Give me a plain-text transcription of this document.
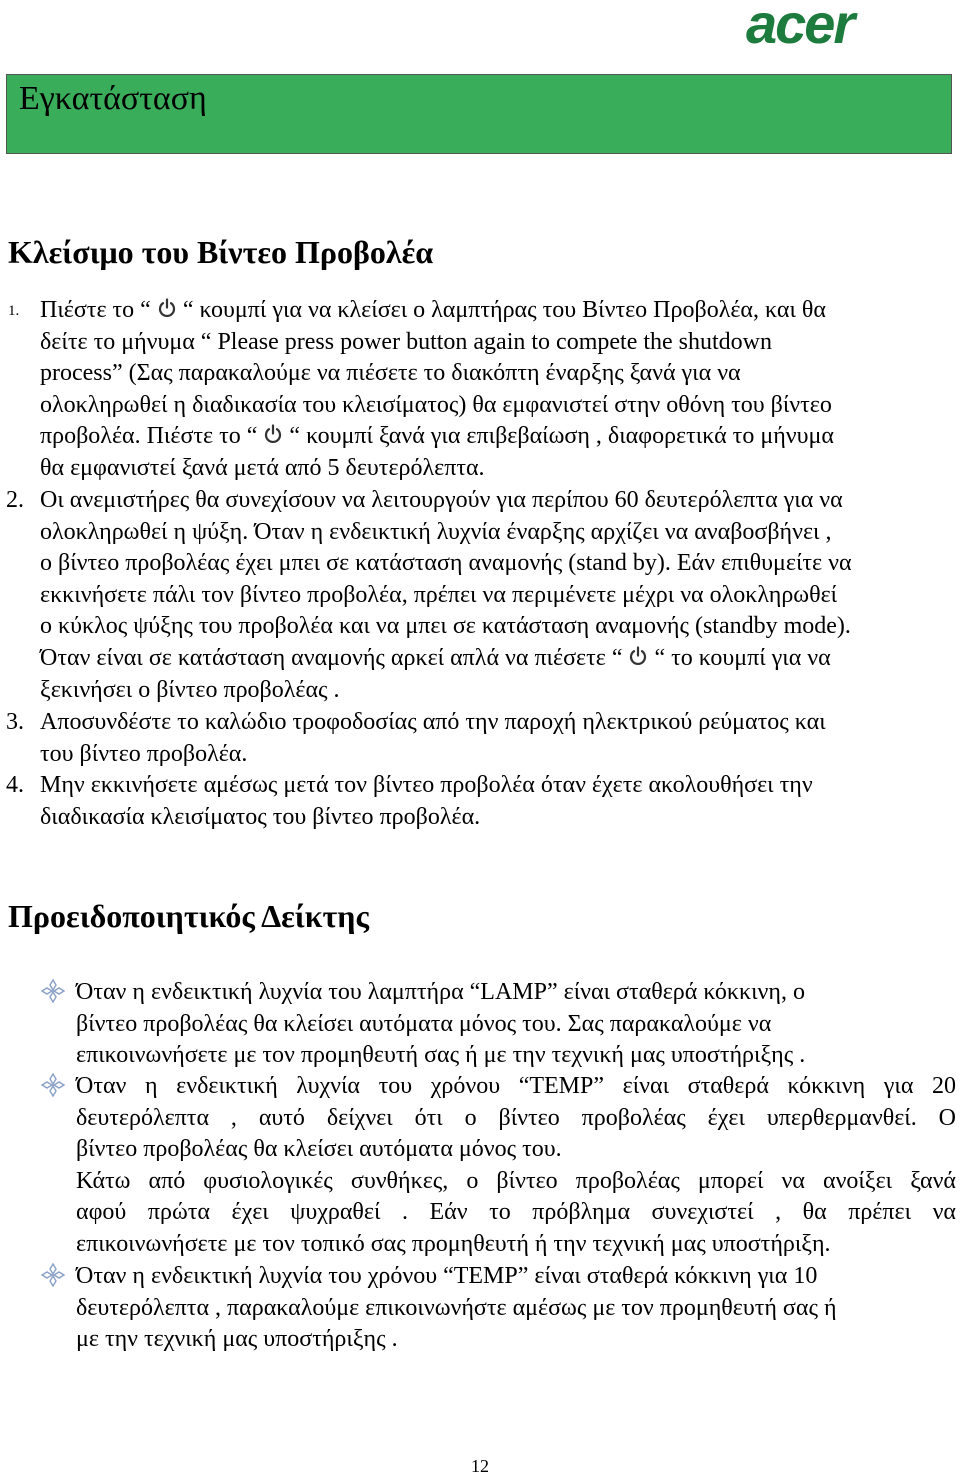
acer
Εγκατάσταση
Κλείσιμο του Βίντεο Προβολέα
1. Πιέστε το “ “ κουμπί για να κλείσει ο λαμπτήρας του Βίντεο Προβολέα, και θα
δείτε το μήνυμα “ Please press power button again to compete the shutdown
process” (Σας παρακαλούμε να πιέσετε το διακόπτη έναρξης ξανά για να
ολοκληρωθεί η διαδικασία του κλεισίματος) θα εμφανιστεί στην οθόνη του βίντεο
προβολέα. Πιέστε το “ “ κουμπί ξανά για επιβεβαίωση , διαφορετικά το μήνυμα
θα εμφανιστεί ξανά μετά από 5 δευτερόλεπτα.
2. Οι ανεμιστήρες θα συνεχίσουν να λειτουργούν για περίπου 60 δευτερόλεπτα για να
ολοκληρωθεί η ψύξη. Όταν η ενδεικτική λυχνία έναρξης αρχίζει να αναβοσβήνει ,
ο βίντεο προβολέας έχει μπει σε κατάσταση αναμονής (stand by). Εάν επιθυμείτε να
εκκινήσετε πάλι τον βίντεο προβολέα, πρέπει να περιμένετε μέχρι να ολοκληρωθεί
ο κύκλος ψύξης του προβολέα και να μπει σε κατάσταση αναμονής (standby mode).
Όταν είναι σε κατάσταση αναμονής αρκεί απλά να πιέσετε “ “ το κουμπί για να
ξεκινήσει ο βίντεο προβολέας .
3. Αποσυνδέστε το καλώδιο τροφοδοσίας από την παροχή ηλεκτρικού ρεύματος και
του βίντεο προβολέα.
4. Μην εκκινήσετε αμέσως μετά τον βίντεο προβολέα όταν έχετε ακολουθήσει την
διαδικασία κλεισίματος του βίντεο προβολέα.
Προειδοποιητικός Δείκτης
Όταν η ενδεικτική λυχνία του λαμπτήρα “LAMP” είναι σταθερά κόκκινη, ο
βίντεο προβολέας θα κλείσει αυτόματα μόνος του. Σας παρακαλούμε να
επικοινωνήσετε με τον προμηθευτή σας ή με την τεχνική μας υποστήριξης .
Όταν η ενδεικτική λυχνία του χρόνου “TEMP” είναι σταθερά κόκκινη για 20
δευτερόλεπτα , αυτό δείχνει ότι ο βίντεο προβολέας έχει υπερθερμανθεί. Ο
βίντεο προβολέας θα κλείσει αυτόματα μόνος του.
Κάτω από φυσιολογικές συνθήκες, ο βίντεο προβολέας μπορεί να ανοίξει ξανά
αφού πρώτα έχει ψυχραθεί . Εάν το πρόβλημα συνεχιστεί , θα πρέπει να
επικοινωνήσετε με τον τοπικό σας προμηθευτή ή την τεχνική μας υποστήριξη.
Όταν η ενδεικτική λυχνία του χρόνου “TEMP” είναι σταθερά κόκκινη για 10
δευτερόλεπτα , παρακαλούμε επικοινωνήστε αμέσως με τον προμηθευτή σας ή
με την τεχνική μας υποστήριξης .
12
